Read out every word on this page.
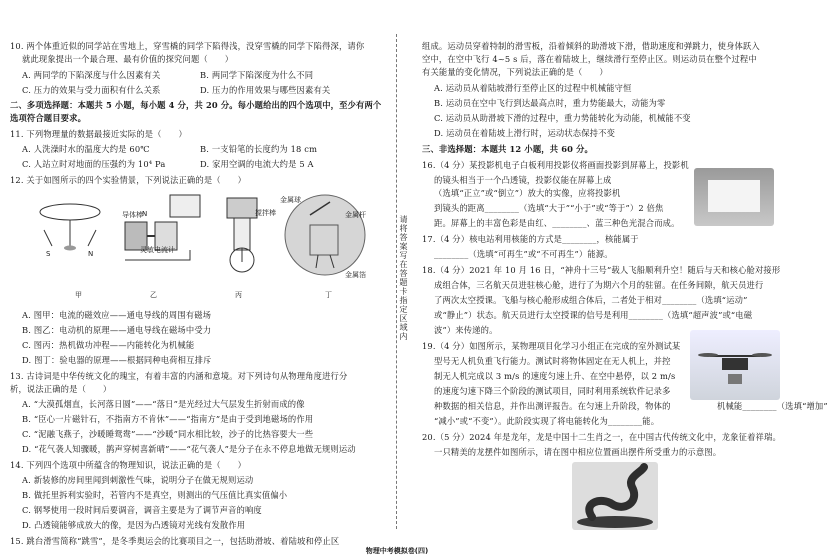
10. 两个体重近似的同学站在雪地上，穿雪橇的同学下陷得浅，没穿雪橇的同学下陷得深，请你
就此现象提出一个最合理、最有价值的探究问题（　　）
A. 两同学的下陷深度与什么因素有关	B. 两同学下陷深度为什么不同
C. 压力的效果与受力面积有什么关系	D. 压力的作用效果与哪些因素有关
二、多项选择题：本题共 5 小题，每小题 4 分，共 20 分。每小题给出的四个选项中，至少有两个
选项符合题目要求。
11. 下列物理量的数据最接近实际的是（　　）
A. 人洗澡时水的温度大约是 60℃	B. 一支铅笔的长度约为 18 cm
C. 人站立时对地面的压强约为 10⁴ Pa	D. 家用空调的电流大约是 5 A
12. 关于如图所示的四个实验情景，下列说法正确的是（　　）
A. 图甲：电流的磁效应——通电导线的周围有磁场
B. 图乙：电动机的原理——通电导线在磁场中受力
C. 图丙：热机做功冲程——内能转化为机械能
D. 图丁：验电器的原理——根据同种电荷相互排斥
13. 古诗词是中华传统文化的瑰宝，有着丰富的内涵和意境。对下列诗句从物理角度进行分
析，说法正确的是（　　）
A. “大漠孤烟直，长河落日圆”——“落日”是光经过大气层发生折射而成的像
B. “臣心一片磁针石，不指南方不肯休”——“指南方”是由于受到地磁场的作用
C. “泥融飞燕子，沙暖睡鸳鸯”——“沙暖”同水相比较，沙子的比热容要大一些
D. “花气袭人知骤暖，鹊声穿树喜新晴”——“花气袭人”是分子在永不停息地做无规则运动
14. 下列四个选项中所蕴含的物理知识，说法正确的是（　　）
A. 新装修的房间里闻到刺激性气味，说明分子在做无规则运动
B. 做托里拆利实验时，若管内不是真空，则测出的气压值比真实值偏小
C. 钢琴使用一段时间后要调音，调音主要是为了调节声音的响度
D. 凸透镜能够成放大的像，是因为凸透镜对光线有发散作用
15. 跳台滑雪简称“跳雪”，是冬季奥运会的比赛项目之一，包括助滑坡、着陆坡和停止区
组成。运动员穿着特制的滑雪板，沿着倾斜的助滑坡下滑，借助速度和弹跳力，使身体跃入
空中，在空中飞行 4~5 s 后，落在着陆坡上，继续滑行至停止区。则运动员在整个过程中
有关能量的变化情况，下列说法正确的是（　　）
A. 运动员从着陆坡滑行至停止区的过程中机械能守恒
B. 运动员在空中飞行到达最高点时，重力势能最大，动能为零
C. 运动员从助滑坡下滑的过程中，重力势能转化为动能，机械能不变
D. 运动员在着陆坡上滑行时，运动状态保持不变
三、非选择题：本题共 12 小题，共 60 分。
16.（4 分）某投影机电子白板利用投影仪将画面投影到屏幕上，投影机
的镜头相当于一个凸透镜，投影仪能在屏幕上成
（选填“正立”或“倒立”）放大的实像，应将投影机
到镜头的距离________（选填“大于”“小于”或“等于”）2 倍焦
距。屏幕上的丰富色彩是由红、________、蓝三种色光混合而成。
17.（4 分）核电站利用核能的方式是________，核能属于
________（选填“可再生”或“不可再生”）能源。
18.（4 分）2021 年 10 月 16 日，“神舟十三号”载人飞船顺利升空！随后与天和核心舱对接形
成组合体，三名航天员进驻核心舱，进行了为期六个月的驻留。在任务间隙，航天员进行
了两次太空授课。飞船与核心舱形成组合体后，二者处于相对________（选填“运动”
或“静止”）状态。航天员进行太空授课的信号是利用________（选填“超声波”或“电磁
波”）来传递的。
19.（4 分）如图所示，某物理项目化学习小组正在完成的室外测试某
型号无人机负重飞行能力。测试时将物体固定在无人机上，并控
制无人机完成以 3 m/s 的速度匀速上升、在空中悬停，以 2 m/s
的速度匀速下降三个阶段的测试项目，同时利用系统软件记录多
种数据的相关信息，并作出测评报告。在匀速上升阶段，物体的	机械能________（选填“增加”
“减小”或“不变”）。此阶段实现了将电能转化为________能。
20.（5 分）2024 年是龙年，龙是中国十二生肖之一，在中国古代传统文化中，龙象征着祥瑞。
一只精美的龙摆件如图所示，请在图中相应位置画出摆件所受重力的示意图。
请将答案写在答题卡指定区域内
S	N
导体棒 N
灵敏电流计
金属球
搅拌棒	金属杆
金属箔
甲	乙	丙	丁
物理中考模拟卷(四)
